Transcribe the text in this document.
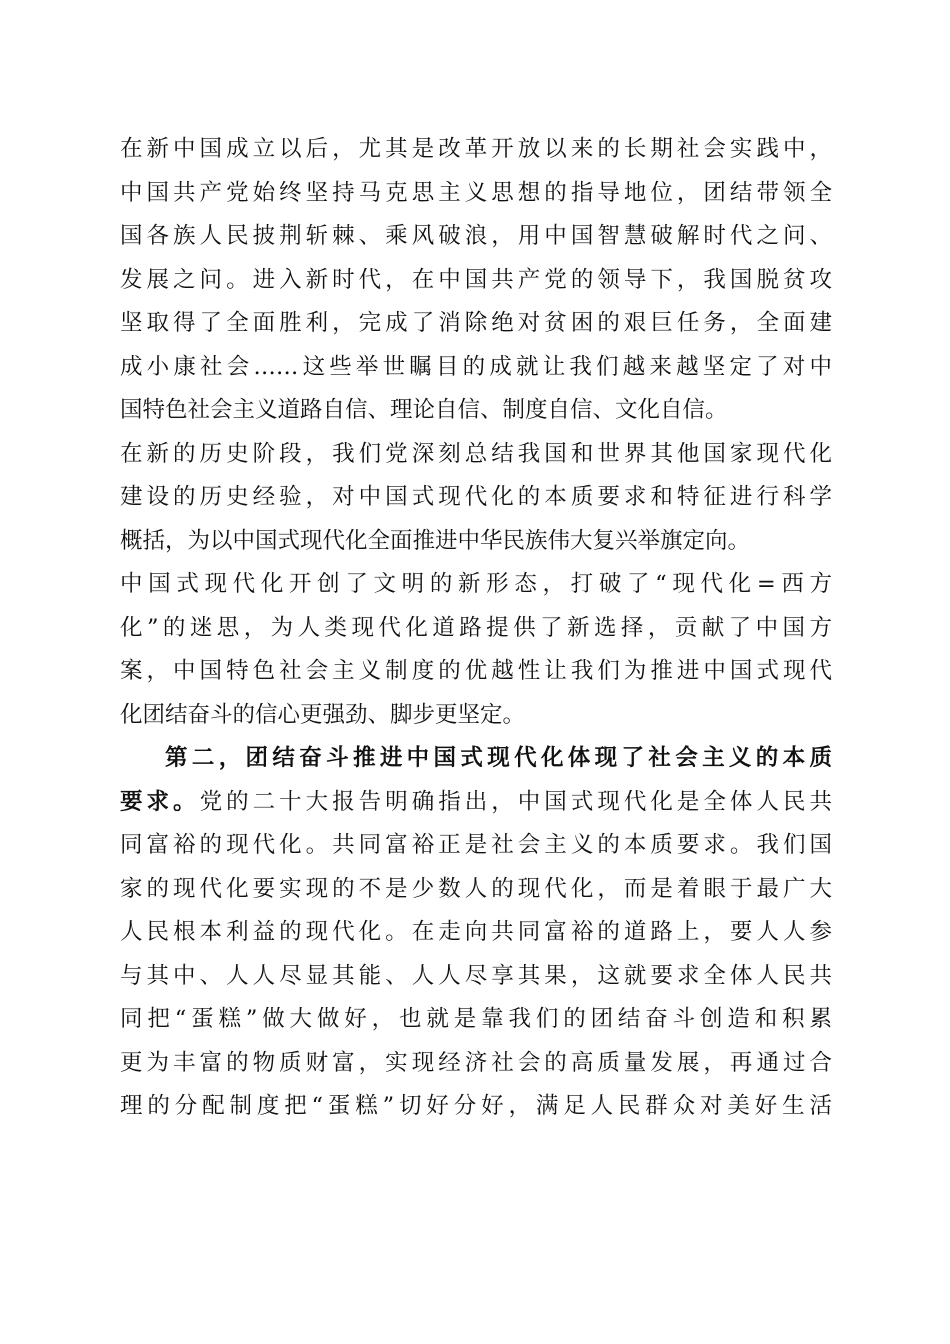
在新中国成立以后，尤其是改革开放以来的长期社会实践中，
中国共产党始终坚持马克思主义思想的指导地位，团结带领全
国各族人民披荆斩棘、乘风破浪，用中国智慧破解时代之问、
发展之问。进入新时代，在中国共产党的领导下，我国脱贫攻
坚取得了全面胜利，完成了消除绝对贫困的艰巨任务，全面建
成小康社会……这些举世瞩目的成就让我们越来越坚定了对中
国特色社会主义道路自信、理论自信、制度自信、文化自信。
在新的历史阶段，我们党深刻总结我国和世界其他国家现代化
建设的历史经验，对中国式现代化的本质要求和特征进行科学
概括，为以中国式现代化全面推进中华民族伟大复兴举旗定向。
中国式现代化开创了文明的新形态，打破了“现代化=西方
化”的迷思，为人类现代化道路提供了新选择，贡献了中国方
案，中国特色社会主义制度的优越性让我们为推进中国式现代
化团结奋斗的信心更强劲、脚步更坚定。
第二，团结奋斗推进中国式现代化体现了社会主义的本质
要求。党的二十大报告明确指出，中国式现代化是全体人民共
同富裕的现代化。共同富裕正是社会主义的本质要求。我们国
家的现代化要实现的不是少数人的现代化，而是着眼于最广大
人民根本利益的现代化。在走向共同富裕的道路上，要人人参
与其中、人人尽显其能、人人尽享其果，这就要求全体人民共
同把“蛋糕”做大做好，也就是靠我们的团结奋斗创造和积累
更为丰富的物质财富，实现经济社会的高质量发展，再通过合
理的分配制度把“蛋糕”切好分好，满足人民群众对美好生活
